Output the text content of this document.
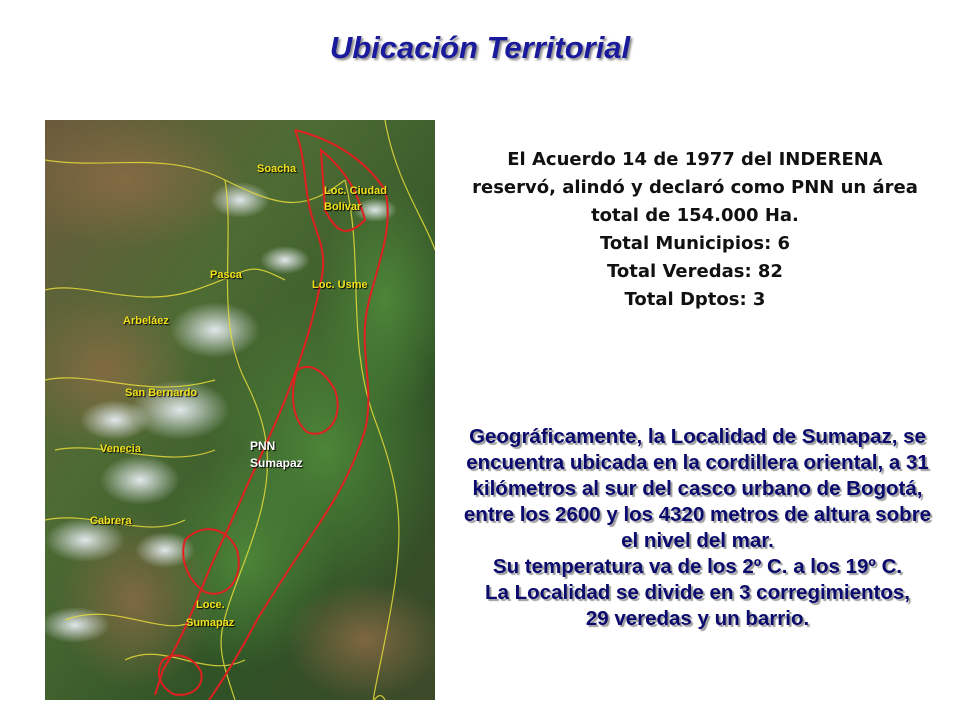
Ubicación Territorial
Soacha
Loc. Ciudad
Bolívar
Pasca
Loc. Usme
Arbeláez
San Bernardo
Venecia	PNN
Sumapaz
Cabrera
Loce.
Sumapaz
El Acuerdo 14 de 1977 del INDERENA
reservó, alindó y declaró como PNN un área
total de 154.000 Ha.
Total Municipios: 6
Total Veredas: 82
Total Dptos: 3
Geográficamente, la Localidad de Sumapaz, se
encuentra ubicada en la cordillera oriental, a 31
kilómetros al sur del casco urbano de Bogotá,
entre los 2600 y los 4320 metros de altura sobre
el nivel del mar.
Su temperatura va de los 2º C. a los 19º C.
La Localidad se divide en 3 corregimientos,
29 veredas y un barrio.
